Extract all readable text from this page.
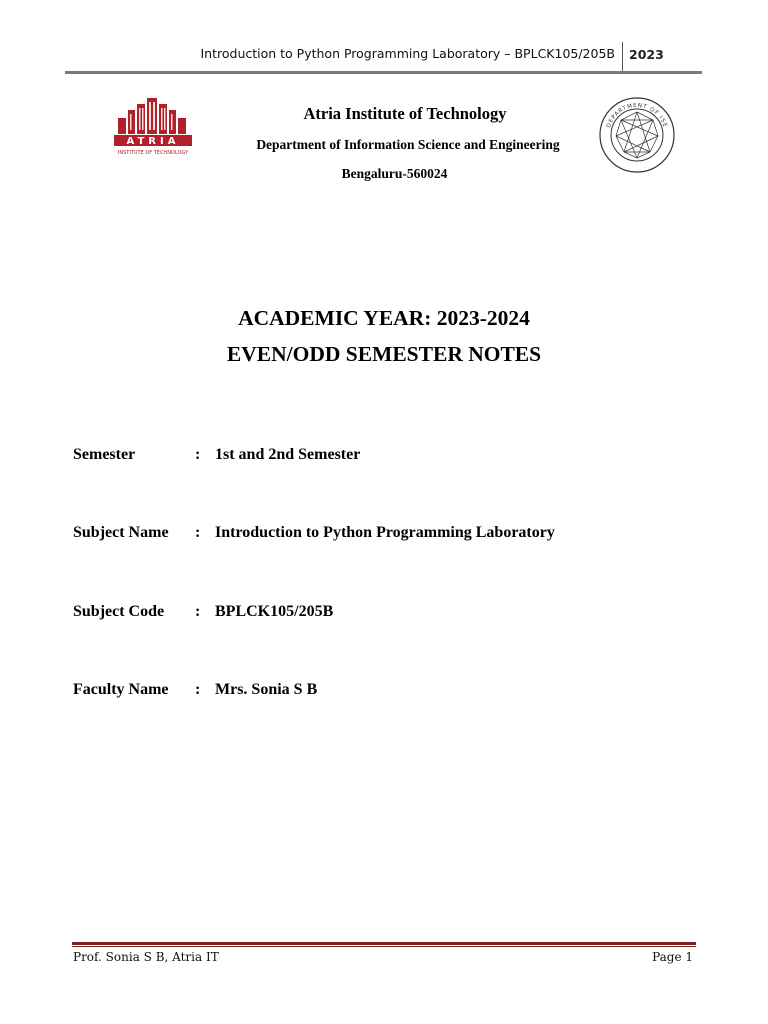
Introduction to Python Programming Laboratory – BPLCK105/205B 2023
ATRIA
INSTITUTE OF TECHNOLOGY
DEPARTMENT OF ISE
Atria Institute of Technology
Department of Information Science and Engineering
Bengaluru-560024
ACADEMIC YEAR: 2023-2024
EVEN/ODD SEMESTER NOTES
Semester	: 1st and 2nd Semester
Subject Name : Introduction to Python Programming Laboratory
Subject Code : BPLCK105/205B
Faculty Name : Mrs. Sonia S B
Prof. Sonia S B, Atria IT	Page 1
